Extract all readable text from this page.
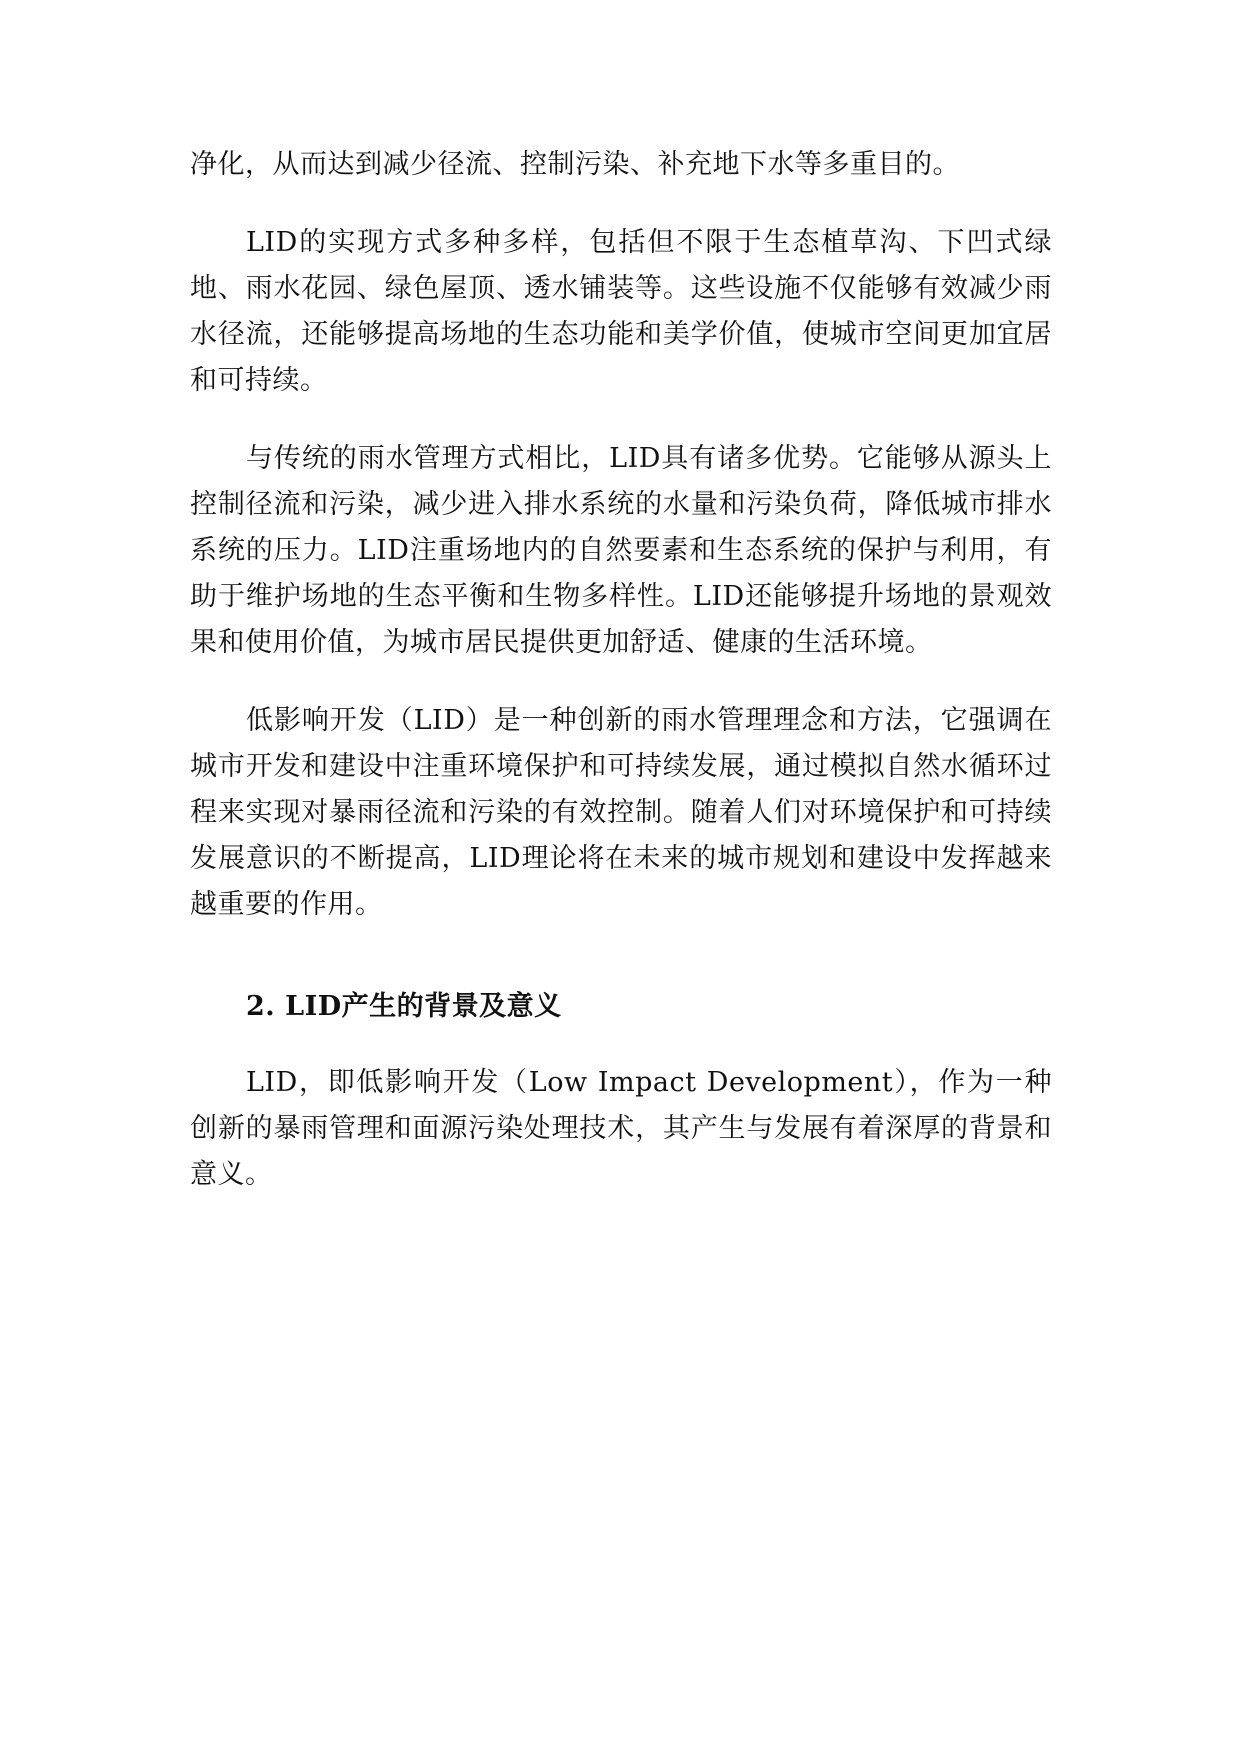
净化，从而达到减少径流、控制污染、补充地下水等多重目的。

LID的实现方式多种多样，包括但不限于生态植草沟、下凹式绿地、雨水花园、绿色屋顶、透水铺装等。这些设施不仅能够有效减少雨水径流，还能够提高场地的生态功能和美学价值，使城市空间更加宜居和可持续。

与传统的雨水管理方式相比，LID具有诸多优势。它能够从源头上控制径流和污染，减少进入排水系统的水量和污染负荷，降低城市排水系统的压力。LID注重场地内的自然要素和生态系统的保护与利用，有助于维护场地的生态平衡和生物多样性。LID还能够提升场地的景观效果和使用价值，为城市居民提供更加舒适、健康的生活环境。

低影响开发（LID）是一种创新的雨水管理理念和方法，它强调在城市开发和建设中注重环境保护和可持续发展，通过模拟自然水循环过程来实现对暴雨径流和污染的有效控制。随着人们对环境保护和可持续发展意识的不断提高，LID理论将在未来的城市规划和建设中发挥越来越重要的作用。

2. LID产生的背景及意义

LID，即低影响开发（Low Impact Development），作为一种创新的暴雨管理和面源污染处理技术，其产生与发展有着深厚的背景和意义。
